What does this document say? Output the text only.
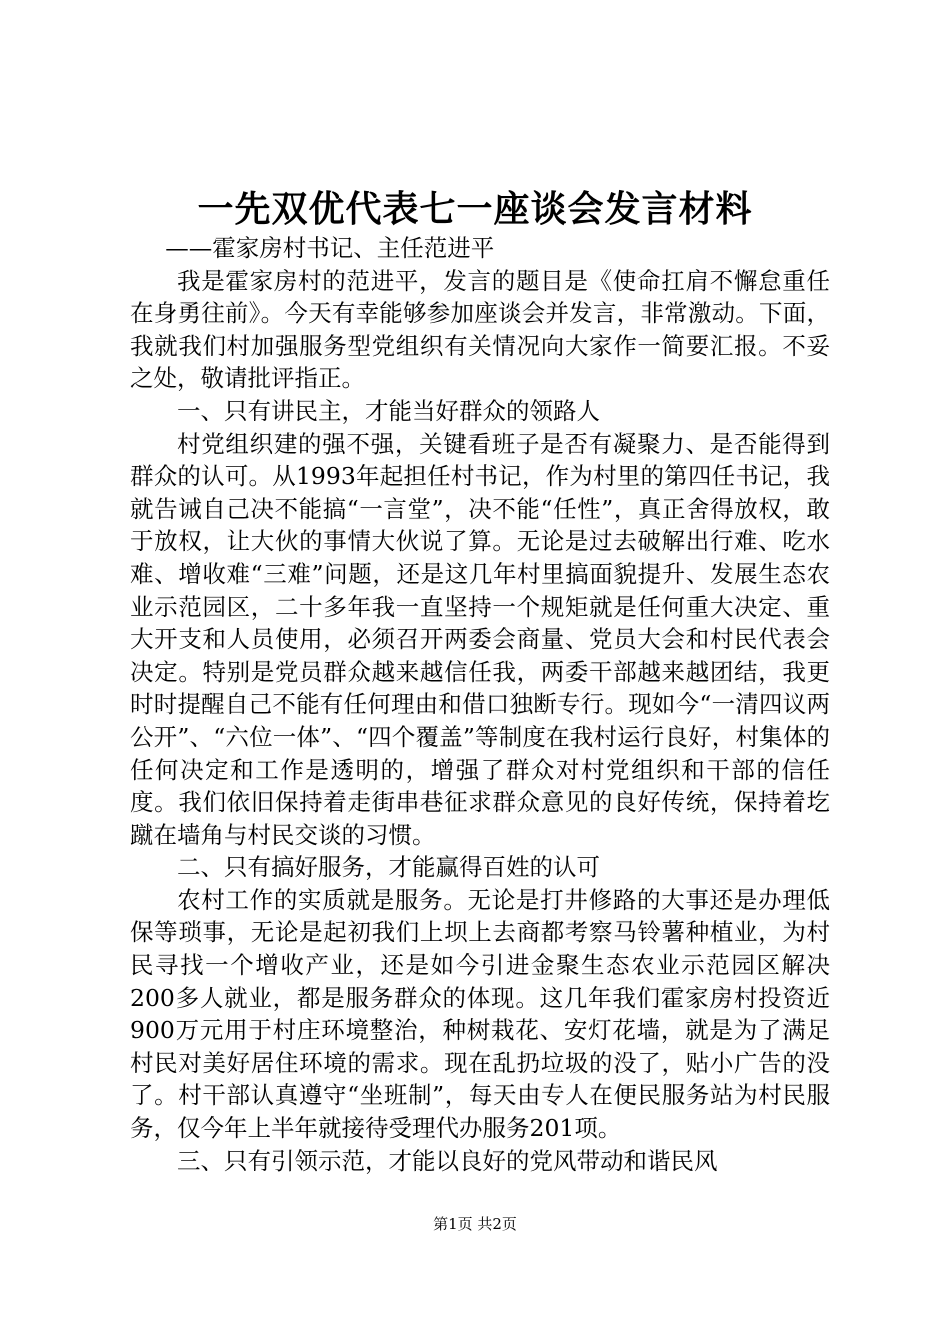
一先双优代表七一座谈会发言材料

——霍家房村书记、主任范进平

我是霍家房村的范进平，发言的题目是《使命扛肩不懈怠重任在身勇往前》。今天有幸能够参加座谈会并发言，非常激动。下面，我就我们村加强服务型党组织有关情况向大家作一简要汇报。不妥之处，敬请批评指正。

一、只有讲民主，才能当好群众的领路人

村党组织建的强不强，关键看班子是否有凝聚力、是否能得到群众的认可。从1993年起担任村书记，作为村里的第四任书记，我就告诫自己决不能搞“一言堂”，决不能“任性”，真正舍得放权，敢于放权，让大伙的事情大伙说了算。无论是过去破解出行难、吃水难、增收难“三难”问题，还是这几年村里搞面貌提升、发展生态农业示范园区，二十多年我一直坚持一个规矩就是任何重大决定、重大开支和人员使用，必须召开两委会商量、党员大会和村民代表会决定。特别是党员群众越来越信任我，两委干部越来越团结，我更时时提醒自己不能有任何理由和借口独断专行。现如今“一清四议两公开”、“六位一体”、“四个覆盖”等制度在我村运行良好，村集体的任何决定和工作是透明的，增强了群众对村党组织和干部的信任度。我们依旧保持着走街串巷征求群众意见的良好传统，保持着圪蹴在墙角与村民交谈的习惯。

二、只有搞好服务，才能赢得百姓的认可

农村工作的实质就是服务。无论是打井修路的大事还是办理低保等琐事，无论是起初我们上坝上去商都考察马铃薯种植业，为村民寻找一个增收产业，还是如今引进金聚生态农业示范园区解决200多人就业，都是服务群众的体现。这几年我们霍家房村投资近900万元用于村庄环境整治，种树栽花、安灯花墙，就是为了满足村民对美好居住环境的需求。现在乱扔垃圾的没了，贴小广告的没了。村干部认真遵守“坐班制”，每天由专人在便民服务站为村民服务，仅今年上半年就接待受理代办服务201项。

三、只有引领示范，才能以良好的党风带动和谐民风

第1页 共2页
